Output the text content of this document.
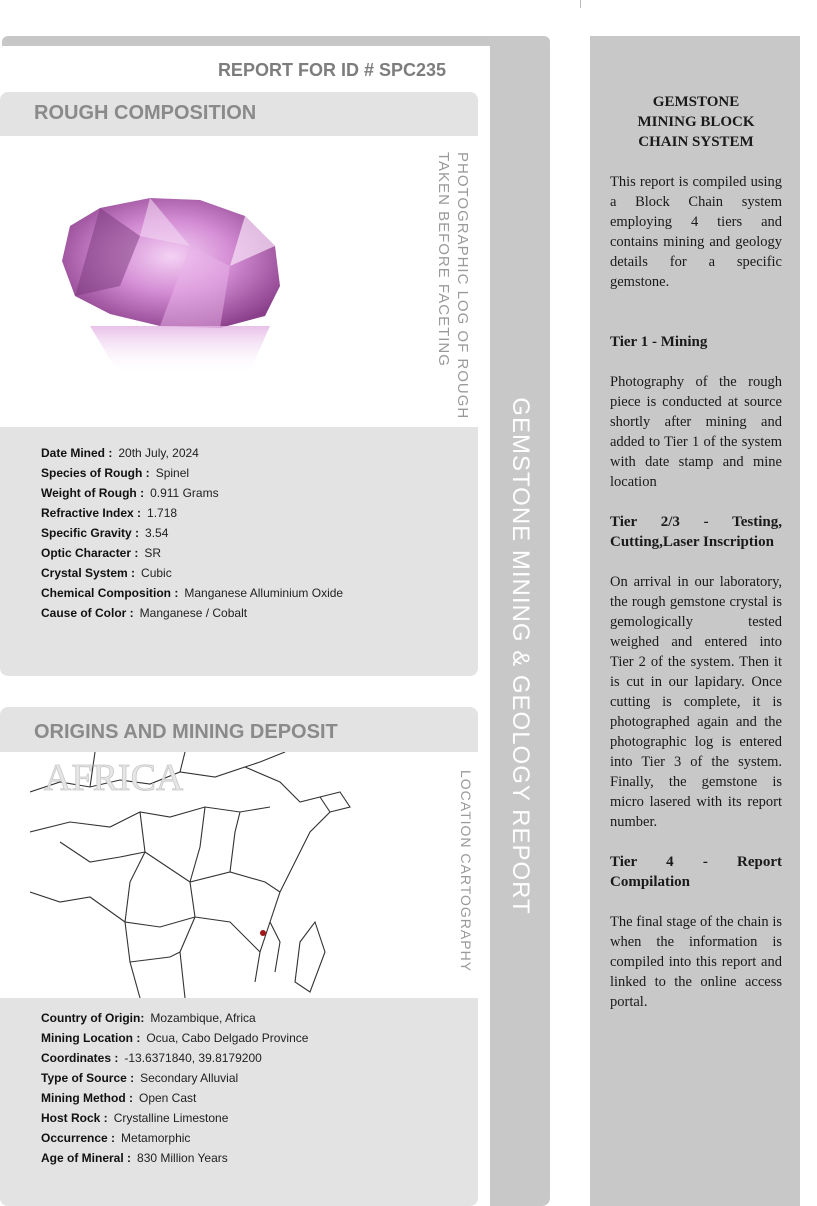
GEMSTONE MINING & GEOLOGY REPORT
REPORT FOR ID # SPC235
ROUGH COMPOSITION
PHOTOGRAPHIC LOG OF ROUGH
TAKEN BEFORE FACETING
Date Mined : 20th July, 2024
Species of Rough : Spinel
Weight of Rough : 0.911 Grams
Refractive Index : 1.718
Specific Gravity : 3.54
Optic Character : SR
Crystal System : Cubic
Chemical Composition : Manganese Alluminium Oxide
Cause of Color : Manganese / Cobalt
ORIGINS AND MINING DEPOSIT
AFRICA	LOCATION CARTOGRAPHY
Country of Origin: Mozambique, Africa
Mining Location : Ocua, Cabo Delgado Province
Coordinates : -13.6371840, 39.8179200
Type of Source : Secondary Alluvial
Mining Method : Open Cast
Host Rock : Crystalline Limestone
Occurrence : Metamorphic
Age of Mineral : 830 Million Years
GEMSTONE MINING BLOCK CHAIN SYSTEM

This report is compiled using a Block Chain system employing 4 tiers and contains mining and geology details for a specific gemstone.

Tier 1 - Mining

Photography of the rough piece is conducted at source shortly after mining and added to Tier 1 of the system with date stamp and mine location

Tier 2/3 - Testing, Cutting,Laser Inscription

On arrival in our laboratory, the rough gemstone crystal is gemologically tested weighed and entered into Tier 2 of the system. Then it is cut in our lapidary. Once cutting is complete, it is photographed again and the photographic log is entered into Tier 3 of the system. Finally, the gemstone is micro lasered with its report number.

Tier 4 - Report Compilation

The final stage of the chain is when the information is compiled into this report and linked to the online access portal.
